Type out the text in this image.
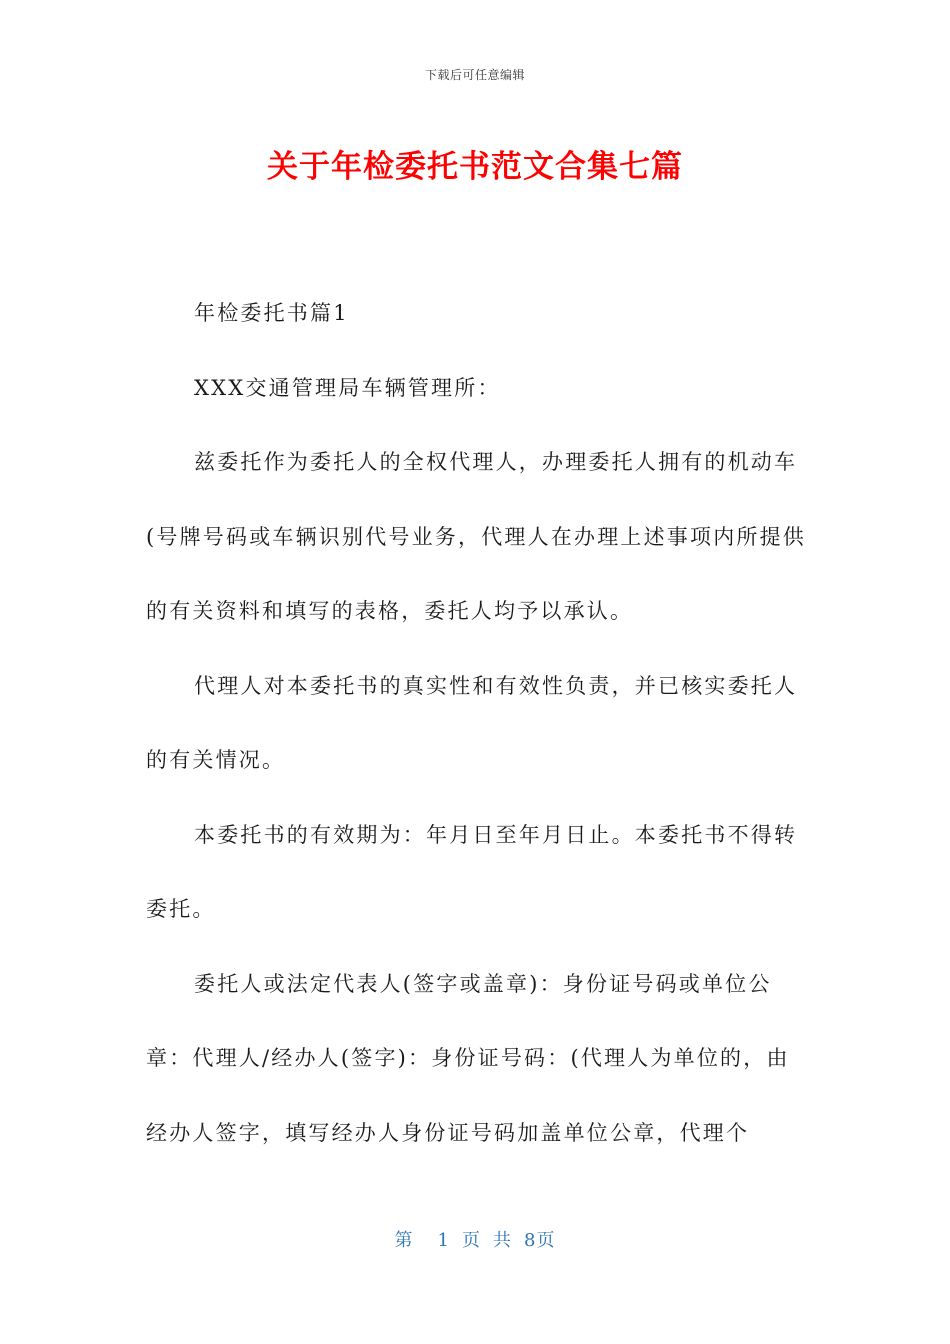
下载后可任意编辑
关于年检委托书范文合集七篇

年检委托书篇1

XXX交通管理局车辆管理所：

兹委托作为委托人的全权代理人，办理委托人拥有的机动车(号牌号码或车辆识别代号业务，代理人在办理上述事项内所提供的有关资料和填写的表格，委托人均予以承认。

代理人对本委托书的真实性和有效性负责，并已核实委托人的有关情况。

本委托书的有效期为：年月日至年月日止。本委托书不得转委托。

委托人或法定代表人(签字或盖章)：身份证号码或单位公章：代理人/经办人(签字)：身份证号码：(代理人为单位的，由经办人签字，填写经办人身份证号码加盖单位公章，代理个

第 1 页 共 8页
